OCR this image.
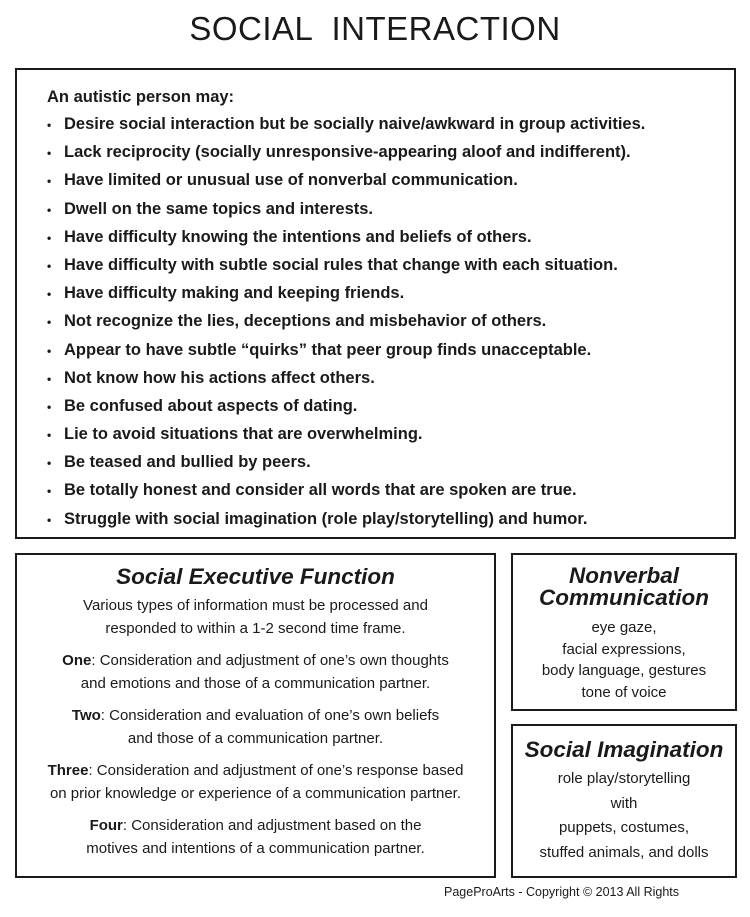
SOCIAL  INTERACTION
An autistic person may:
• Desire social interaction but be socially naive/awkward in group activities.
• Lack reciprocity (socially unresponsive-appearing aloof and indifferent).
• Have limited or unusual use of nonverbal communication.
• Dwell on the same topics and interests.
• Have difficulty knowing the intentions and beliefs of others.
• Have difficulty with subtle social rules that change with each situation.
• Have difficulty making and keeping friends.
• Not recognize the lies, deceptions and misbehavior of others.
• Appear to have subtle “quirks” that peer group finds unacceptable.
• Not know how his actions affect others.
• Be confused about aspects of dating.
• Lie to avoid situations that are overwhelming.
• Be teased and bullied by peers.
• Be totally honest and consider all words that are spoken are true.
• Struggle with social imagination (role play/storytelling) and humor.
Social Executive Function
Various types of information must be processed and
responded to within a 1-2 second time frame.
One: Consideration and adjustment of one’s own thoughts
and emotions and those of a communication partner.
Two: Consideration and evaluation of one’s own beliefs
and those of a communication partner.
Three: Consideration and adjustment of one’s response based
on prior knowledge or experience of a communication partner.
Four: Consideration and adjustment based on the
motives and intentions of a communication partner.
Nonverbal
Communication
eye gaze,
facial expressions,
body language, gestures
tone of voice
Social Imagination
role play/storytelling
with
puppets, costumes,
stuffed animals, and dolls
PageProArts - Copyright © 2013 All Rights
